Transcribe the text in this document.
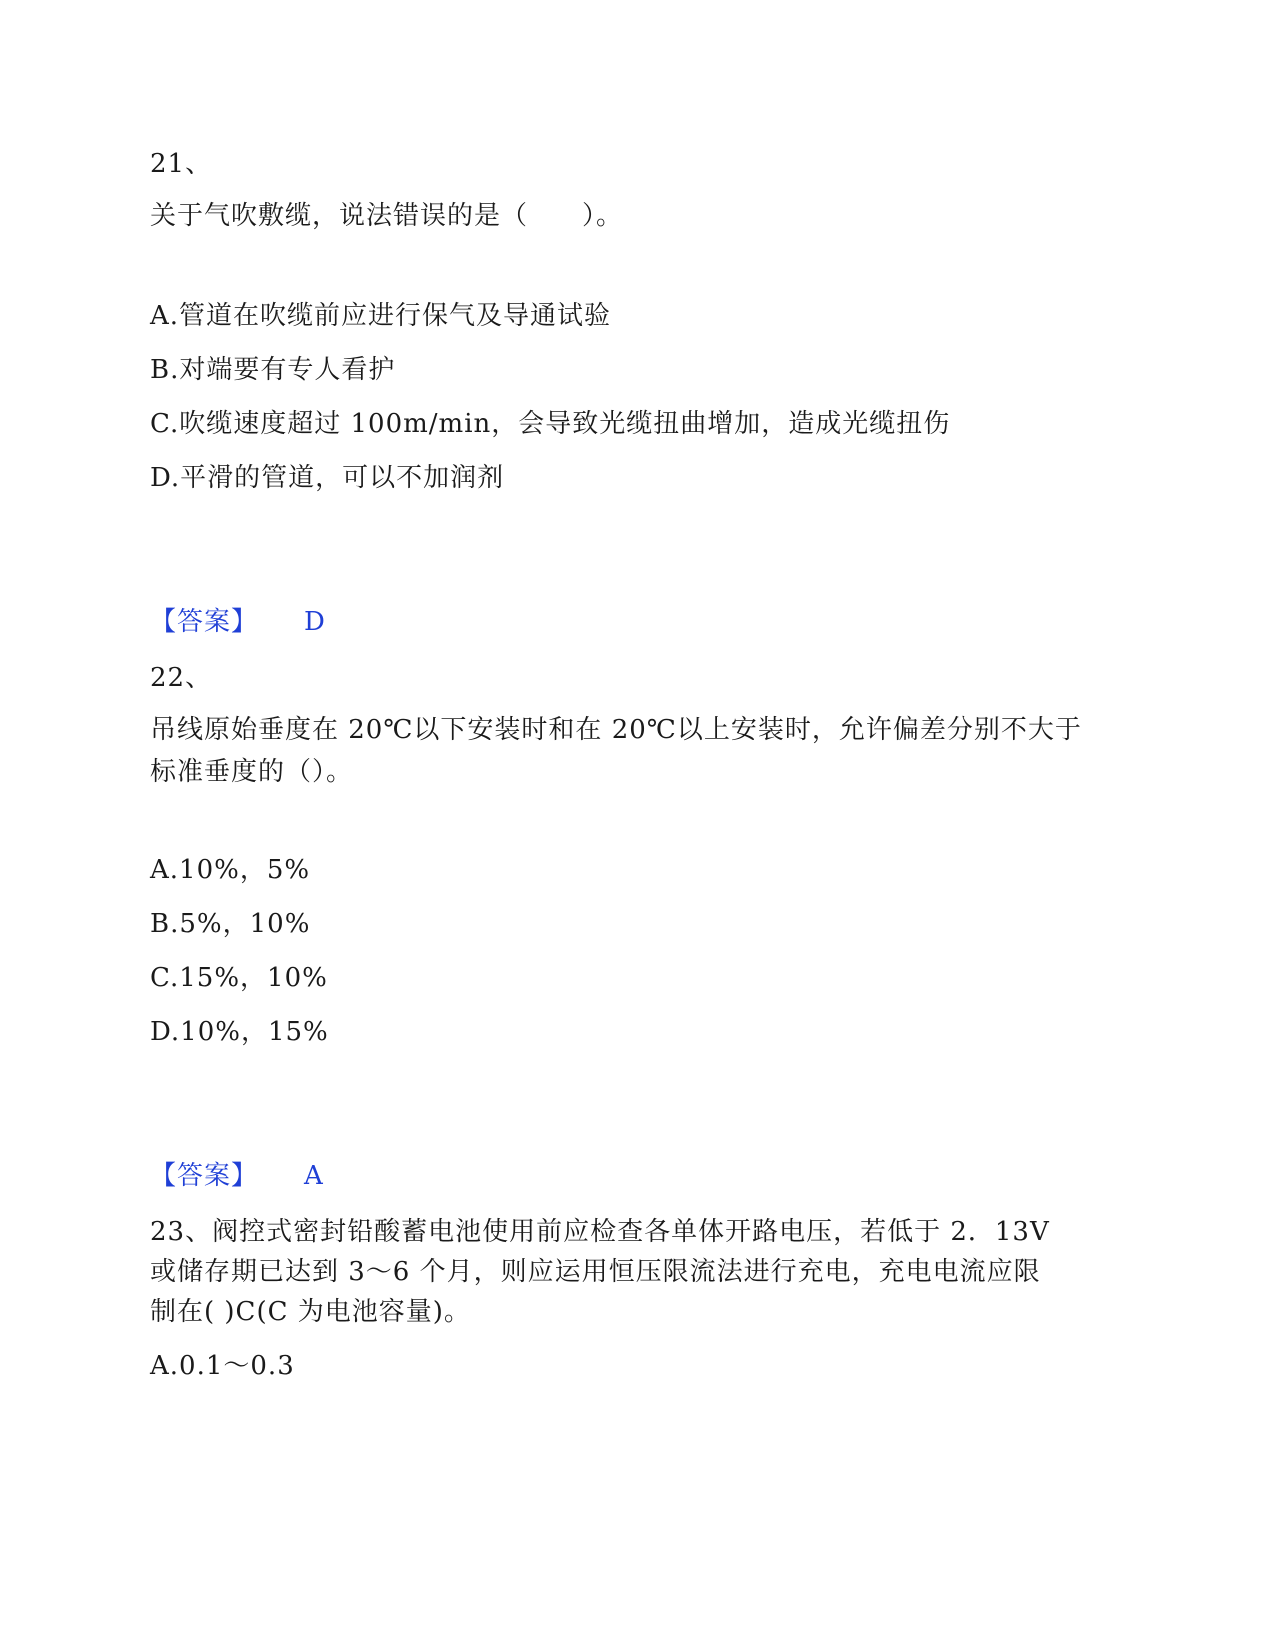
21、
关于气吹敷缆，说法错误的是（　　）。
A.管道在吹缆前应进行保气及导通试验
B.对端要有专人看护
C.吹缆速度超过 100m/min，会导致光缆扭曲增加，造成光缆扭伤
D.平滑的管道，可以不加润剂
【答案】 D
22、
吊线原始垂度在 20℃以下安装时和在 20℃以上安装时，允许偏差分别不大于
标准垂度的（）。
A.10%，5%
B.5%，10%
C.15%，10%
D.10%，15%
【答案】 A
23、阀控式密封铅酸蓄电池使用前应检查各单体开路电压，若低于 2．13V
或储存期已达到 3～6 个月，则应运用恒压限流法进行充电，充电电流应限
制在( )C(C 为电池容量)。
A.0.1～0.3
